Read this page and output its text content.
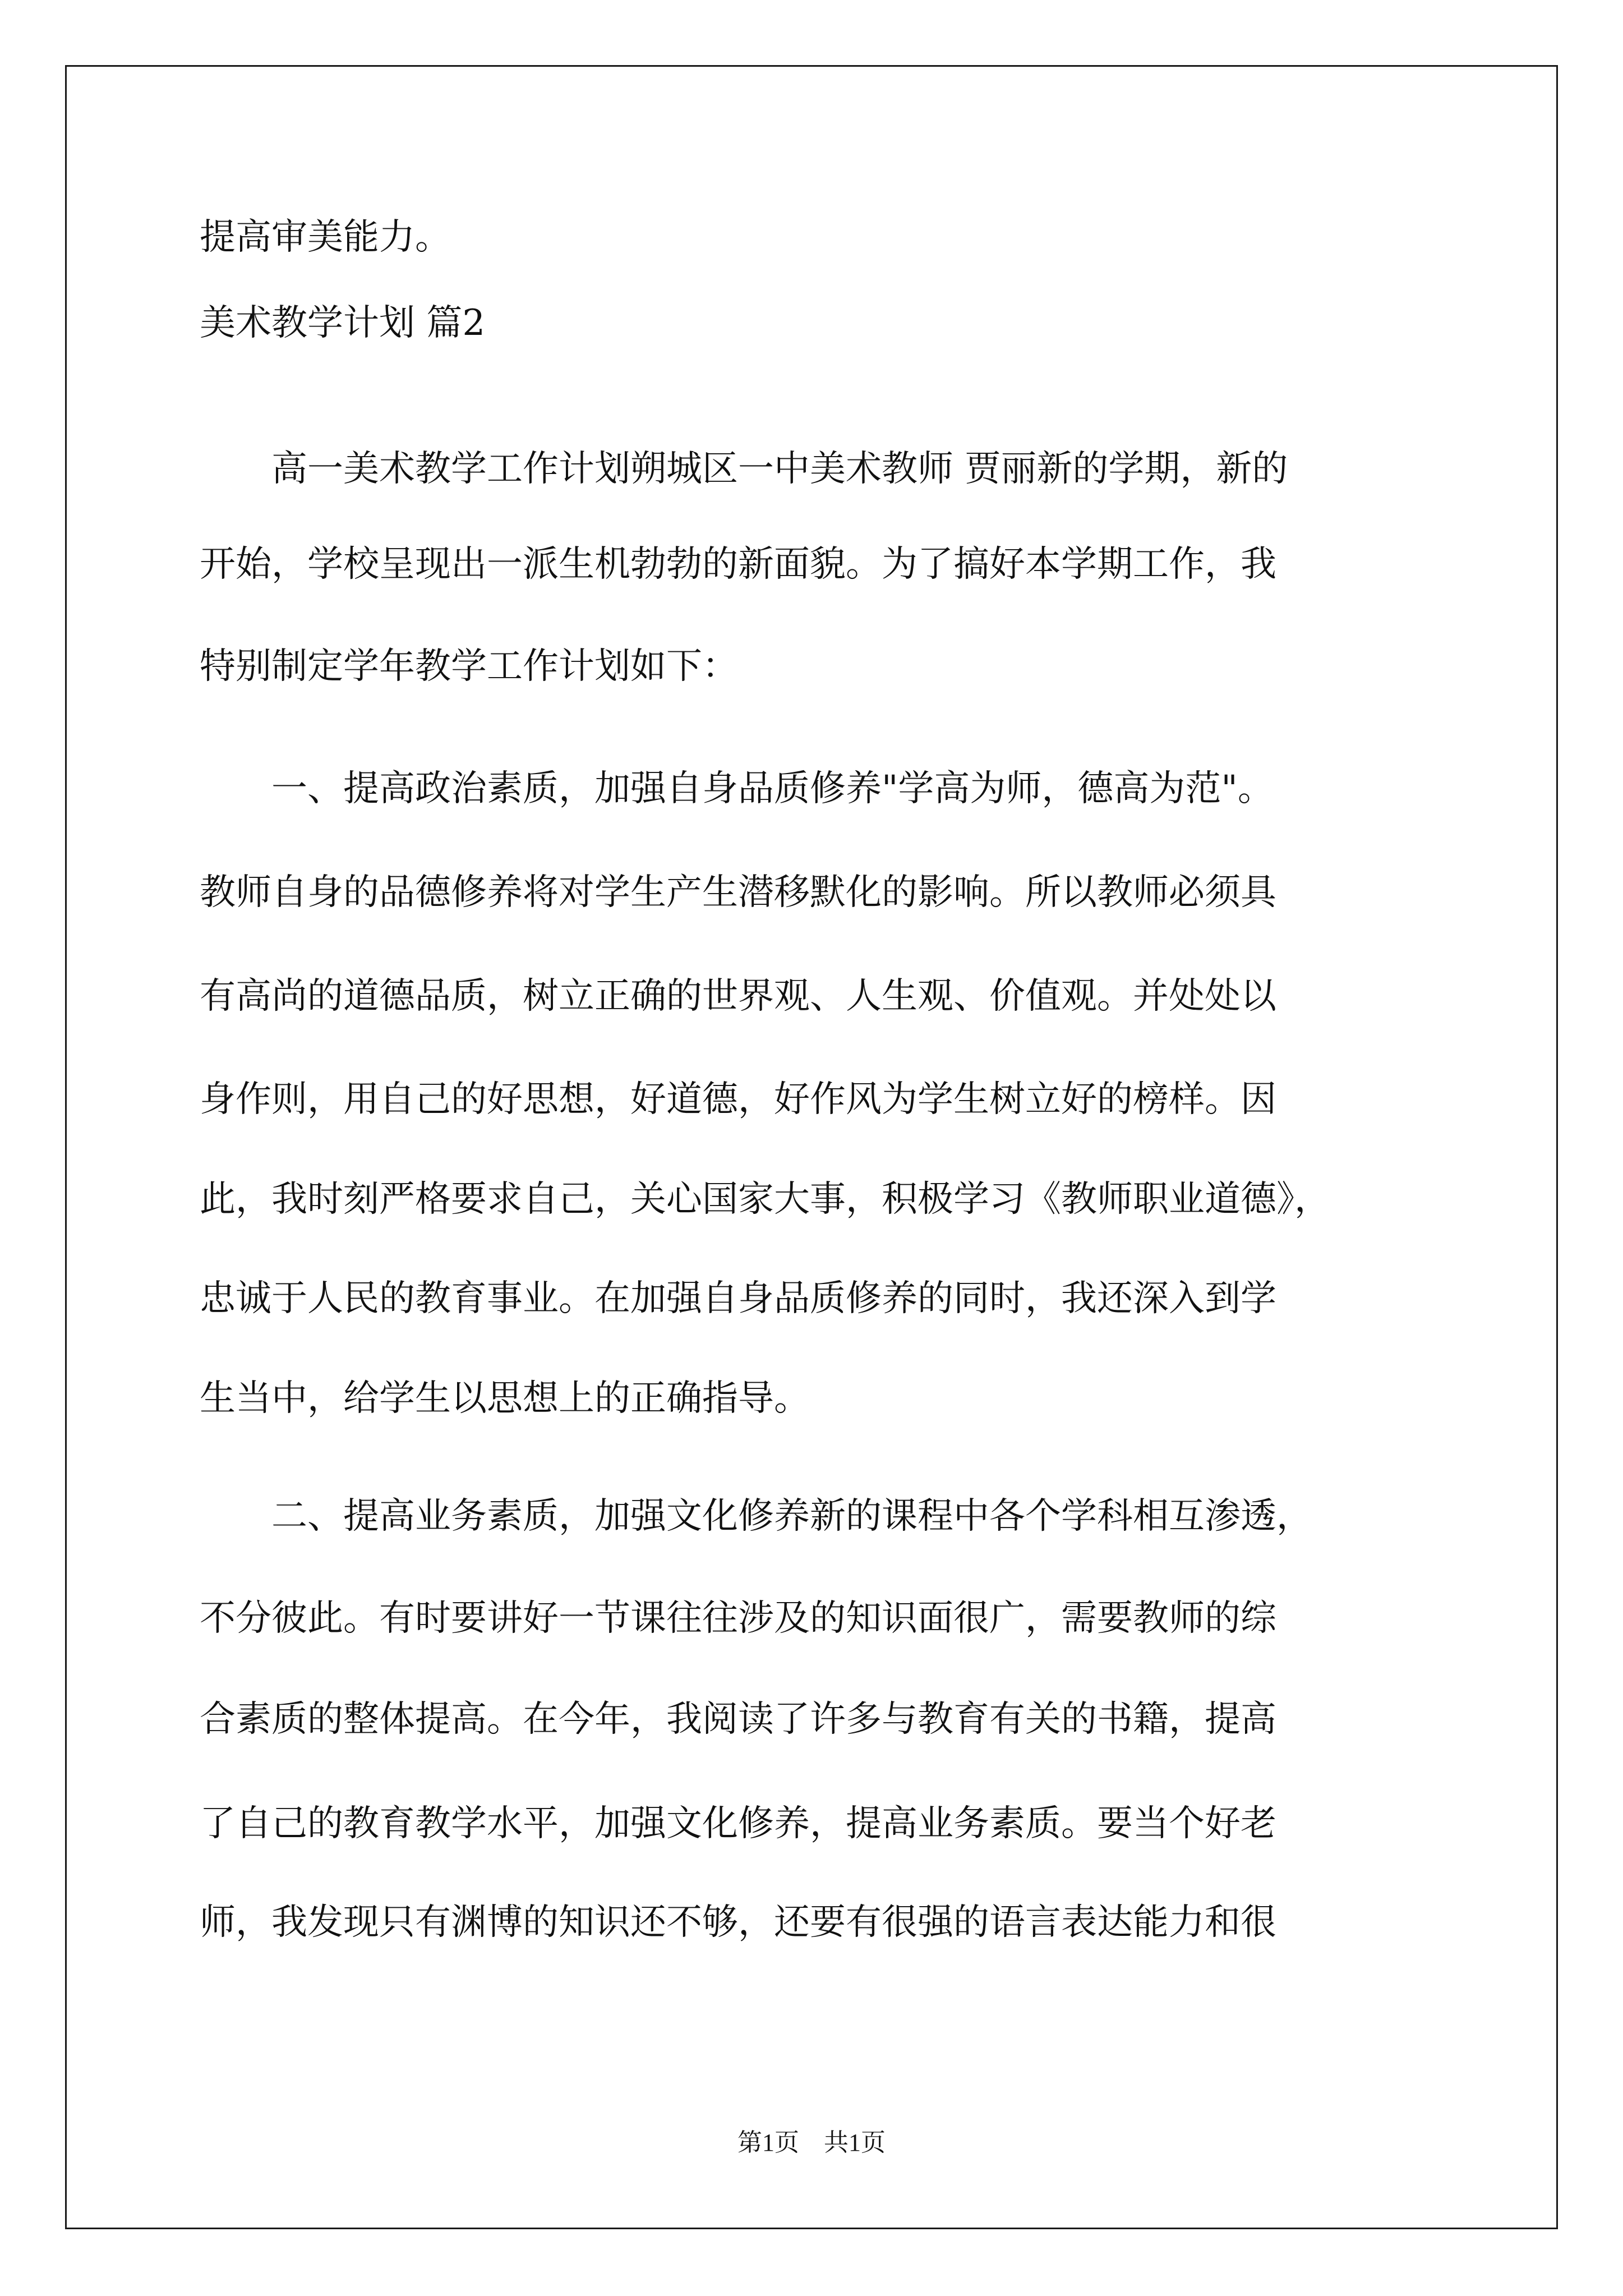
提高审美能力。
美术教学计划 篇2
　　高一美术教学工作计划朔城区一中美术教师 贾丽新的学期，新的
开始，学校呈现出一派生机勃勃的新面貌。为了搞好本学期工作，我
特别制定学年教学工作计划如下：
　　一、提高政治素质，加强自身品质修养"学高为师，德高为范"。
教师自身的品德修养将对学生产生潜移默化的影响。所以教师必须具
有高尚的道德品质，树立正确的世界观、人生观、价值观。并处处以
身作则，用自己的好思想，好道德，好作风为学生树立好的榜样。因
此，我时刻严格要求自己，关心国家大事，积极学习《教师职业道德》，
忠诚于人民的教育事业。在加强自身品质修养的同时，我还深入到学
生当中，给学生以思想上的正确指导。
　　二、提高业务素质，加强文化修养新的课程中各个学科相互渗透，
不分彼此。有时要讲好一节课往往涉及的知识面很广，需要教师的综
合素质的整体提高。在今年，我阅读了许多与教育有关的书籍，提高
了自己的教育教学水平，加强文化修养，提高业务素质。要当个好老
师，我发现只有渊博的知识还不够，还要有很强的语言表达能力和很
第1页　共1页
